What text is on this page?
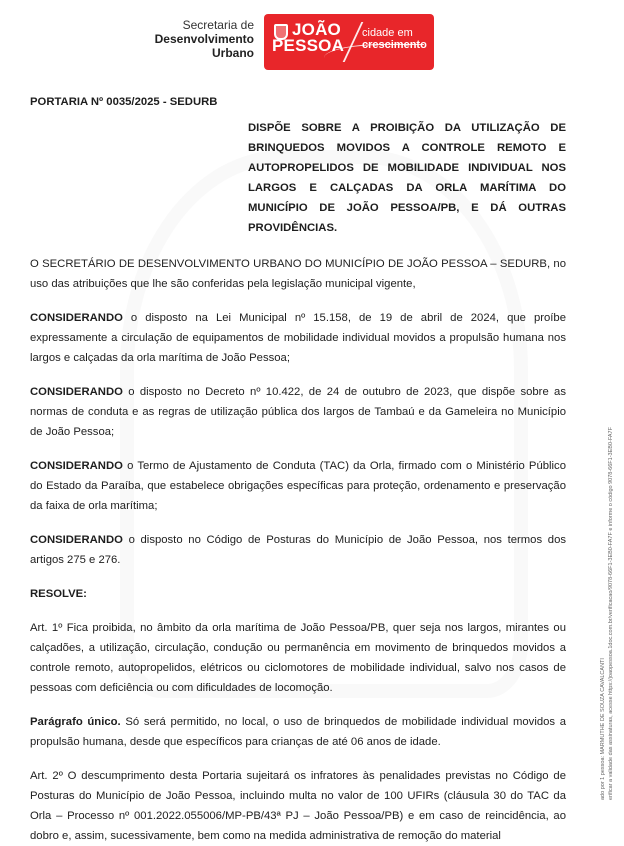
Secretaria de
Desenvolvimento
Urbano
JOÃO
PESSOA
cidade em
crescimento

PORTARIA Nº 0035/2025 - SEDURB

DISPÕE SOBRE A PROIBIÇÃO DA UTILIZAÇÃO DE BRINQUEDOS MOVIDOS A CONTROLE REMOTO E AUTOPROPELIDOS DE MOBILIDADE INDIVIDUAL NOS LARGOS E CALÇADAS DA ORLA MARÍTIMA DO MUNICÍPIO DE JOÃO PESSOA/PB, E DÁ OUTRAS PROVIDÊNCIAS.

O SECRETÁRIO DE DESENVOLVIMENTO URBANO DO MUNICÍPIO DE JOÃO PESSOA – SEDURB, no uso das atribuições que lhe são conferidas pela legislação municipal vigente,

CONSIDERANDO o disposto na Lei Municipal nº 15.158, de 19 de abril de 2024, que proíbe expressamente a circulação de equipamentos de mobilidade individual movidos a propulsão humana nos largos e calçadas da orla marítima de João Pessoa;

CONSIDERANDO o disposto no Decreto nº 10.422, de 24 de outubro de 2023, que dispõe sobre as normas de conduta e as regras de utilização pública dos largos de Tambaú e da Gameleira no Município de João Pessoa;

CONSIDERANDO o Termo de Ajustamento de Conduta (TAC) da Orla, firmado com o Ministério Público do Estado da Paraíba, que estabelece obrigações específicas para proteção, ordenamento e preservação da faixa de orla marítima;

CONSIDERANDO o disposto no Código de Posturas do Município de João Pessoa, nos termos dos artigos 275 e 276.

RESOLVE:

Art. 1º Fica proibida, no âmbito da orla marítima de João Pessoa/PB, quer seja nos largos, mirantes ou calçadões, a utilização, circulação, condução ou permanência em movimento de brinquedos movidos a controle remoto, autopropelidos, elétricos ou ciclomotores de mobilidade individual, salvo nos casos de pessoas com deficiência ou com dificuldades de locomoção.

Parágrafo único. Só será permitido, no local, o uso de brinquedos de mobilidade individual movidos a propulsão humana, desde que específicos para crianças de até 06 anos de idade.

Art. 2º O descumprimento desta Portaria sujeitará os infratores às penalidades previstas no Código de Posturas do Município de João Pessoa, incluindo multa no valor de 100 UFIRs (cláusula 30 do TAC da Orla – Processo nº 001.2022.055006/MP-PB/43ª PJ – João Pessoa/PB) e em caso de reincidência, ao dobro e, assim, sucessivamente, bem como na medida administrativa de remoção do material

ado por 1 pessoa: MARMUTHE DE SOUZA CAVALCANTI erificar a validade das assinaturas, acesse https://joaopessoa.1doc.com.br/verificacao/9078-66F1-3EB0-FA7F e informe o código 9078-66F1-3EB0-FA7F
